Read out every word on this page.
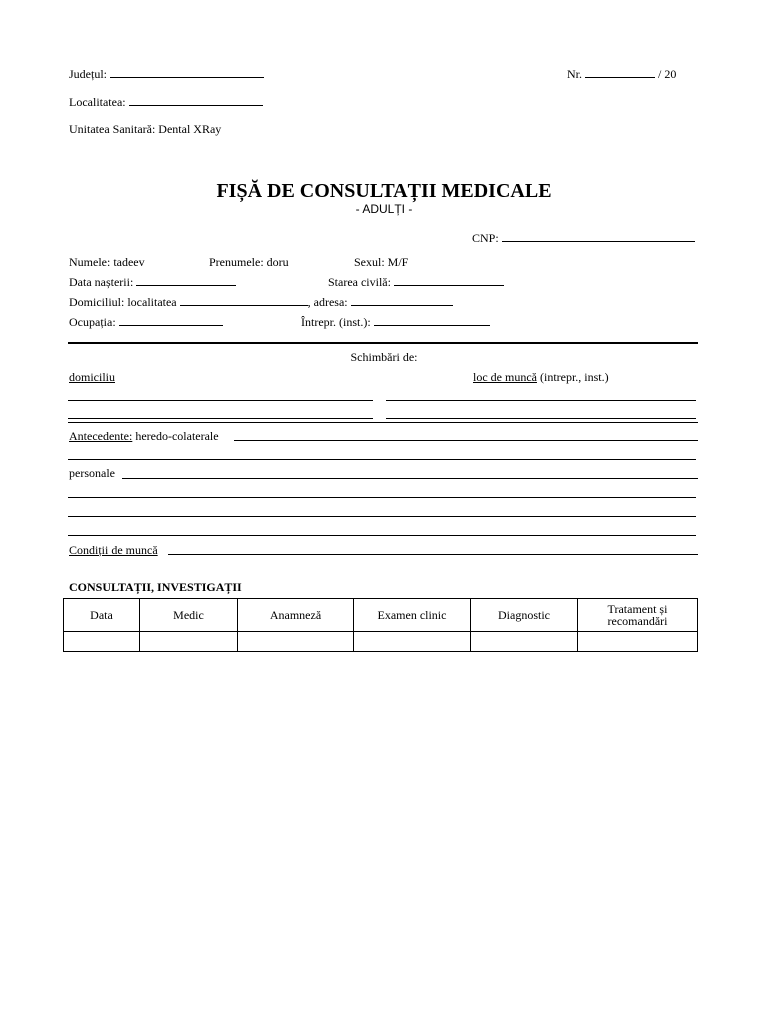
Județul:	Nr.	/ 20
Localitatea:
Unitatea Sanitară: Dental XRay
FIȘĂ DE CONSULTAȚII MEDICALE
- ADULȚI -
CNP:
Numele: tadeev	Prenumele: doru	Sexul: M/F
Data nașterii:	Starea civilă:
Domiciliul: localitatea	, adresa:
Ocupația:	Întrepr. (inst.):
Schimbări de:
domiciliu	loc de muncă (intrepr., inst.)
Antecedente: heredo-colaterale
personale
Condiții de muncă
CONSULTAȚII, INVESTIGAȚII
Data	Medic	Anamneză	Examen clinic	Diagnostic	Tratament și recomandări
